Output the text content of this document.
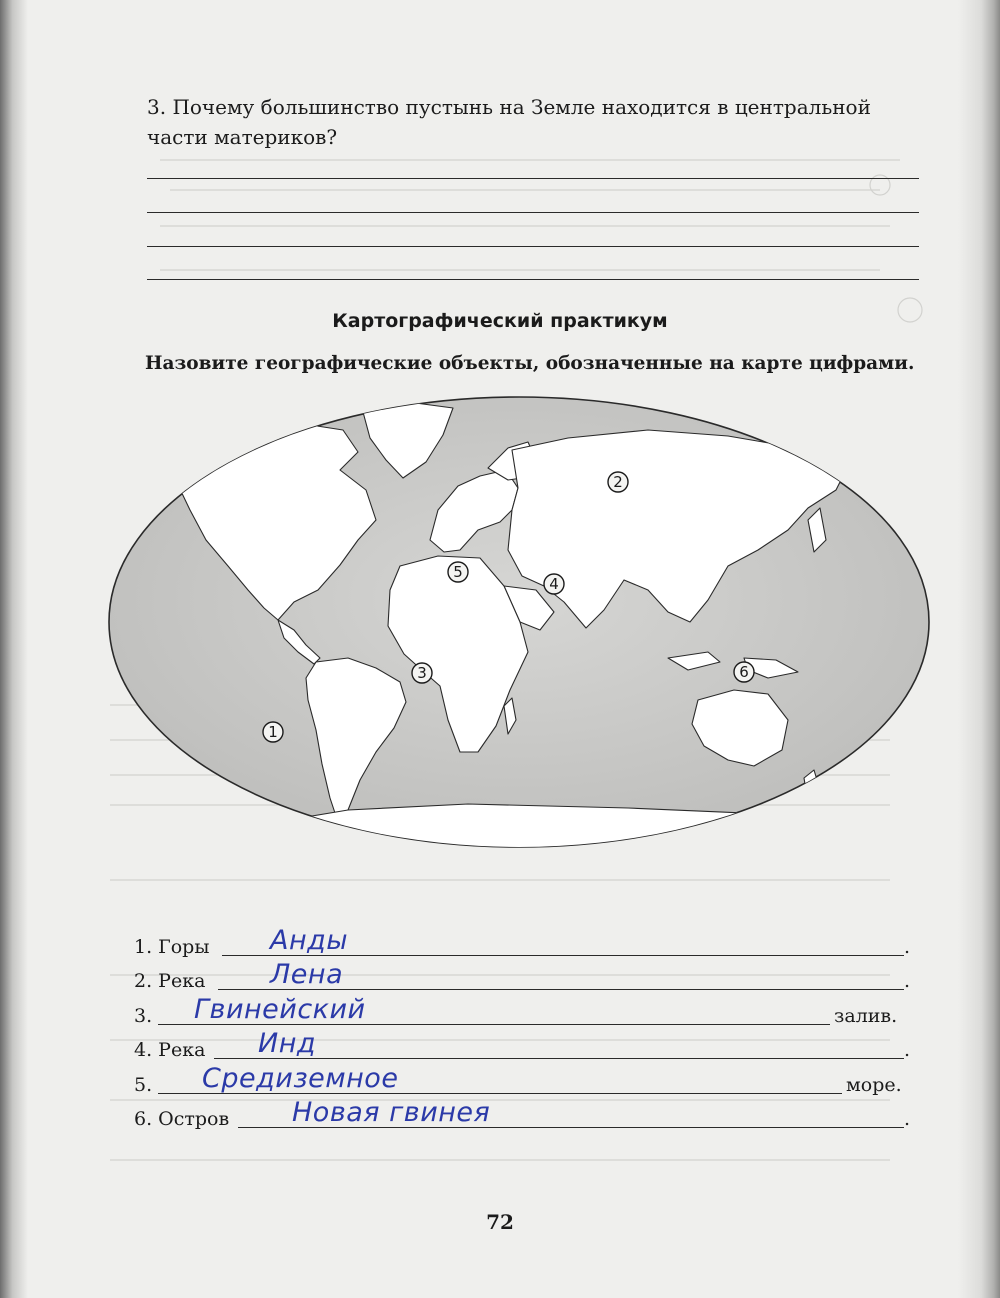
3. Почему большинство пустынь на Земле находится в центральной части материков?
Картографический практикум
Назовите географические объекты, обозначенные на карте цифрами.
1
2
3
4
5
6
1. Горы Анды	.
2. Река Лена	.
3. Гвинейский	залив.
4. Река Инд	.
5. Средиземное	море.
6. Остров Новая гвинея	.
72
